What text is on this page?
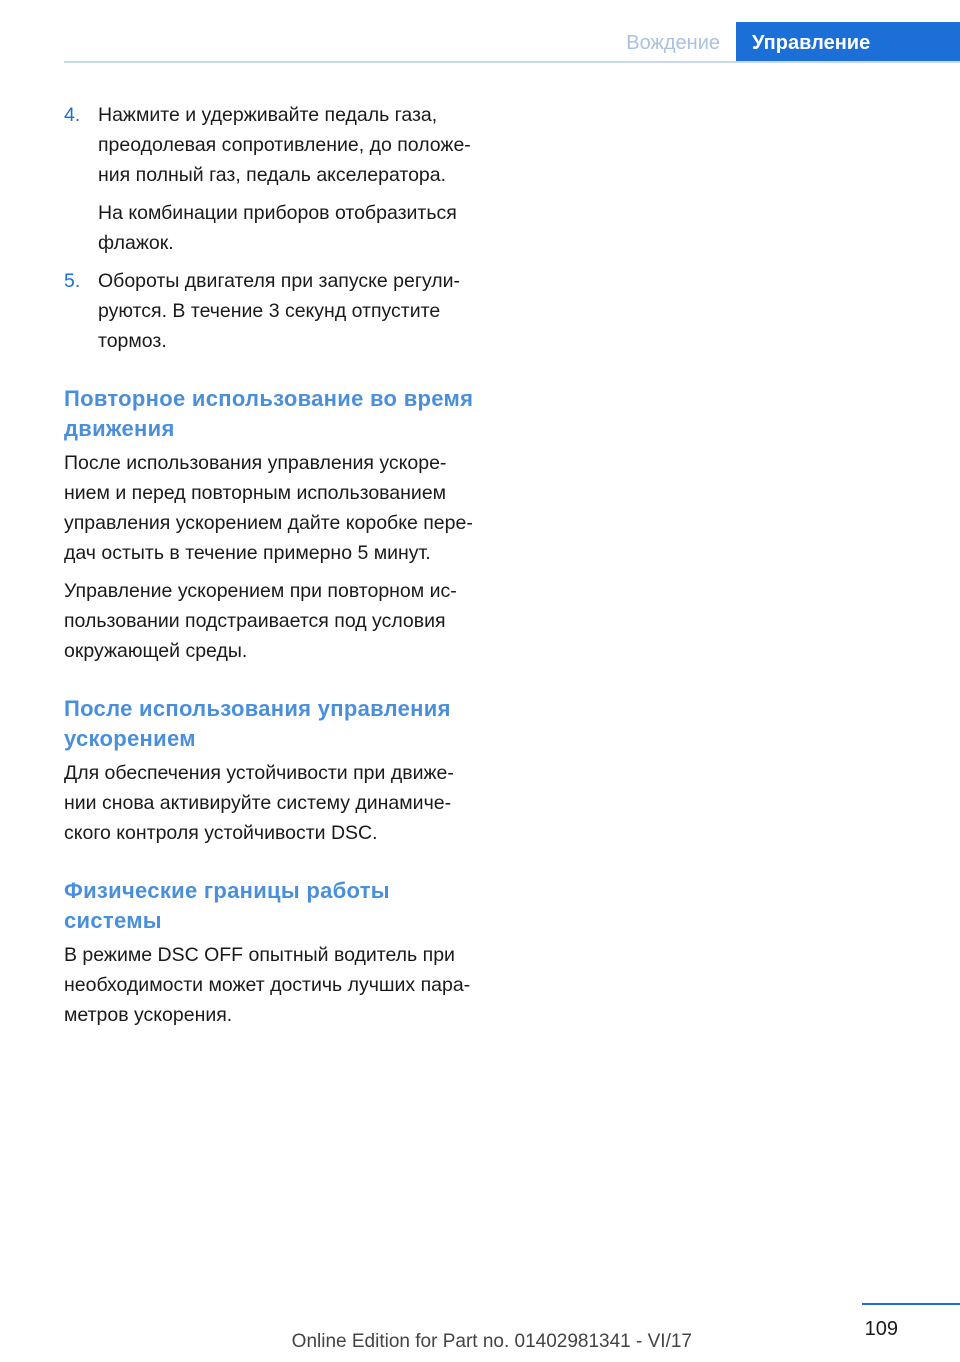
Вождение	Управление
4. Нажмите и удерживайте педаль газа, преодолевая сопротивление, до положе-ния полный газ, педаль акселератора.

На комбинации приборов отобразиться флажок.

5. Обороты двигателя при запуске регули-руются. В течение 3 секунд отпустите тормоз.

Повторное использование во время движения

После использования управления ускоре-нием и перед повторным использованием управления ускорением дайте коробке пере-дач остыть в течение примерно 5 минут.

Управление ускорением при повторном ис-пользовании подстраивается под условия окружающей среды.

После использования управления ускорением

Для обеспечения устойчивости при движе-нии снова активируйте систему динамиче-ского контроля устойчивости DSC.

Физические границы работы системы

В режиме DSC OFF опытный водитель при необходимости может достичь лучших пара-метров ускорения.

109
Online Edition for Part no. 01402981341 - VI/17
